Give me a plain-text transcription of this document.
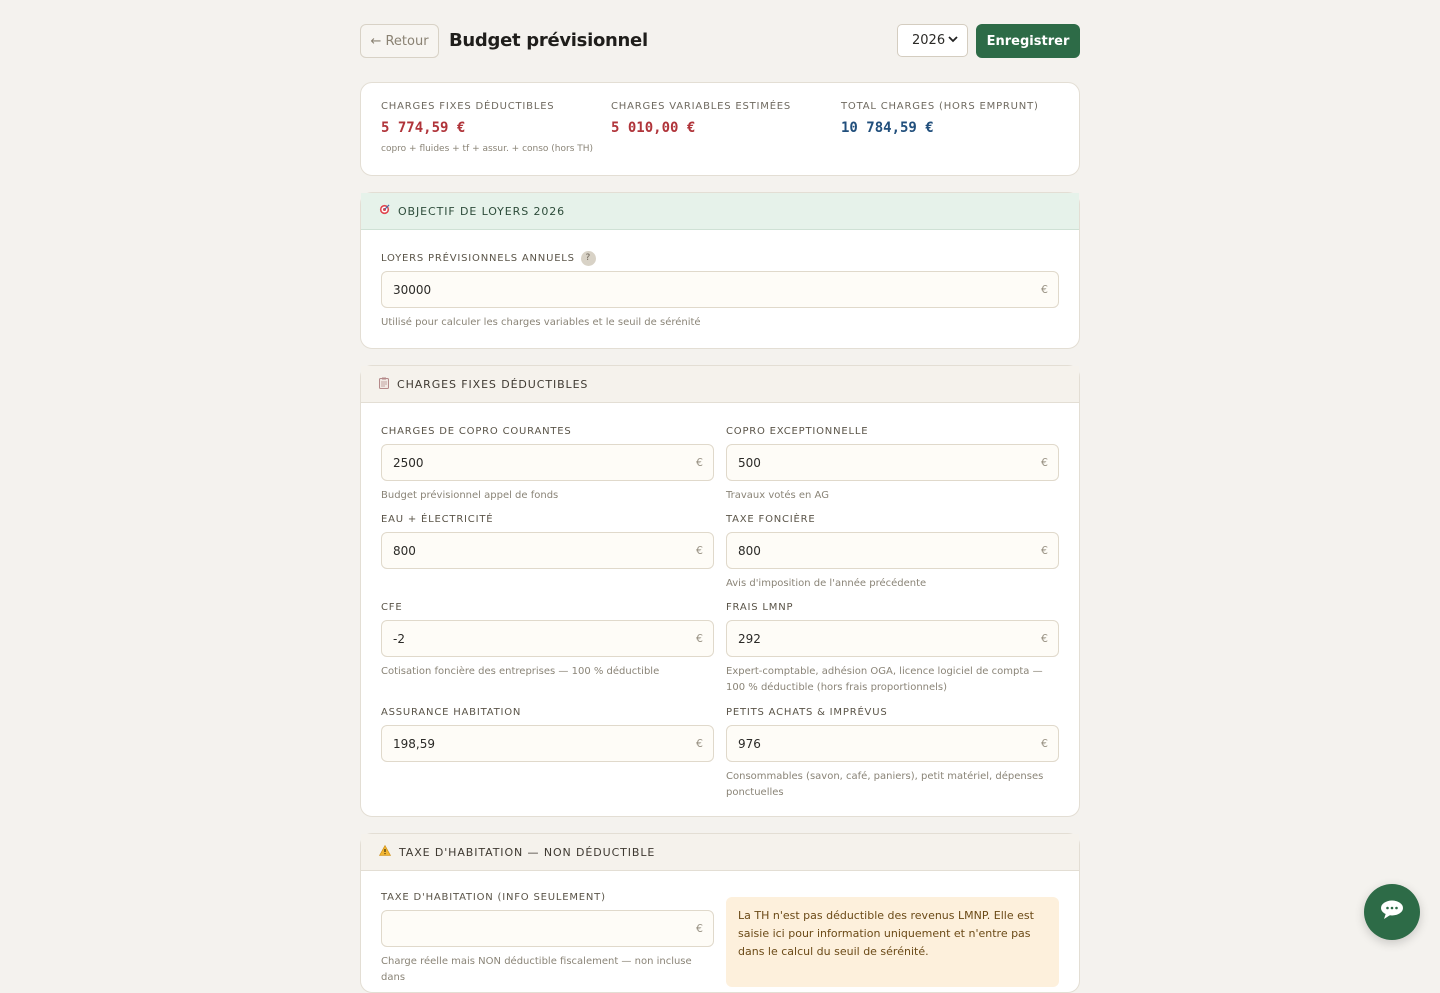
← Retour	Budget prévisionnel	2026	Enregistrer
CHARGES FIXES DÉDUCTIBLES
5 774,59 €
copro + fluides + tf + assur. + conso (hors TH)
CHARGES VARIABLES ESTIMÉES
5 010,00 €
TOTAL CHARGES (HORS EMPRUNT)
10 784,59 €
OBJECTIF DE LOYERS 2026
LOYERS PRÉVISIONNELS ANNUELS	?
30000	€
Utilisé pour calculer les charges variables et le seuil de sérénité
CHARGES FIXES DÉDUCTIBLES
CHARGES DE COPRO COURANTES
2500	€
Budget prévisionnel appel de fonds
COPRO EXCEPTIONNELLE
500	€
Travaux votés en AG
EAU + ÉLECTRICITÉ
800	€
TAXE FONCIÈRE
800	€
Avis d'imposition de l'année précédente
CFE
-2	€
Cotisation foncière des entreprises — 100 % déductible
FRAIS LMNP
292	€
Expert-comptable, adhésion OGA, licence logiciel de compta — 100 % déductible (hors frais proportionnels)
ASSURANCE HABITATION
198,59	€
PETITS ACHATS & IMPRÉVUS
976	€
Consommables (savon, café, paniers), petit matériel, dépenses ponctuelles
TAXE D'HABITATION — NON DÉDUCTIBLE
TAXE D'HABITATION (INFO SEULEMENT)
€
Charge réelle mais NON déductible fiscalement — non incluse dans
La TH n'est pas déductible des revenus LMNP. Elle est saisie ici pour information uniquement et n'entre pas dans le calcul du seuil de sérénité.
